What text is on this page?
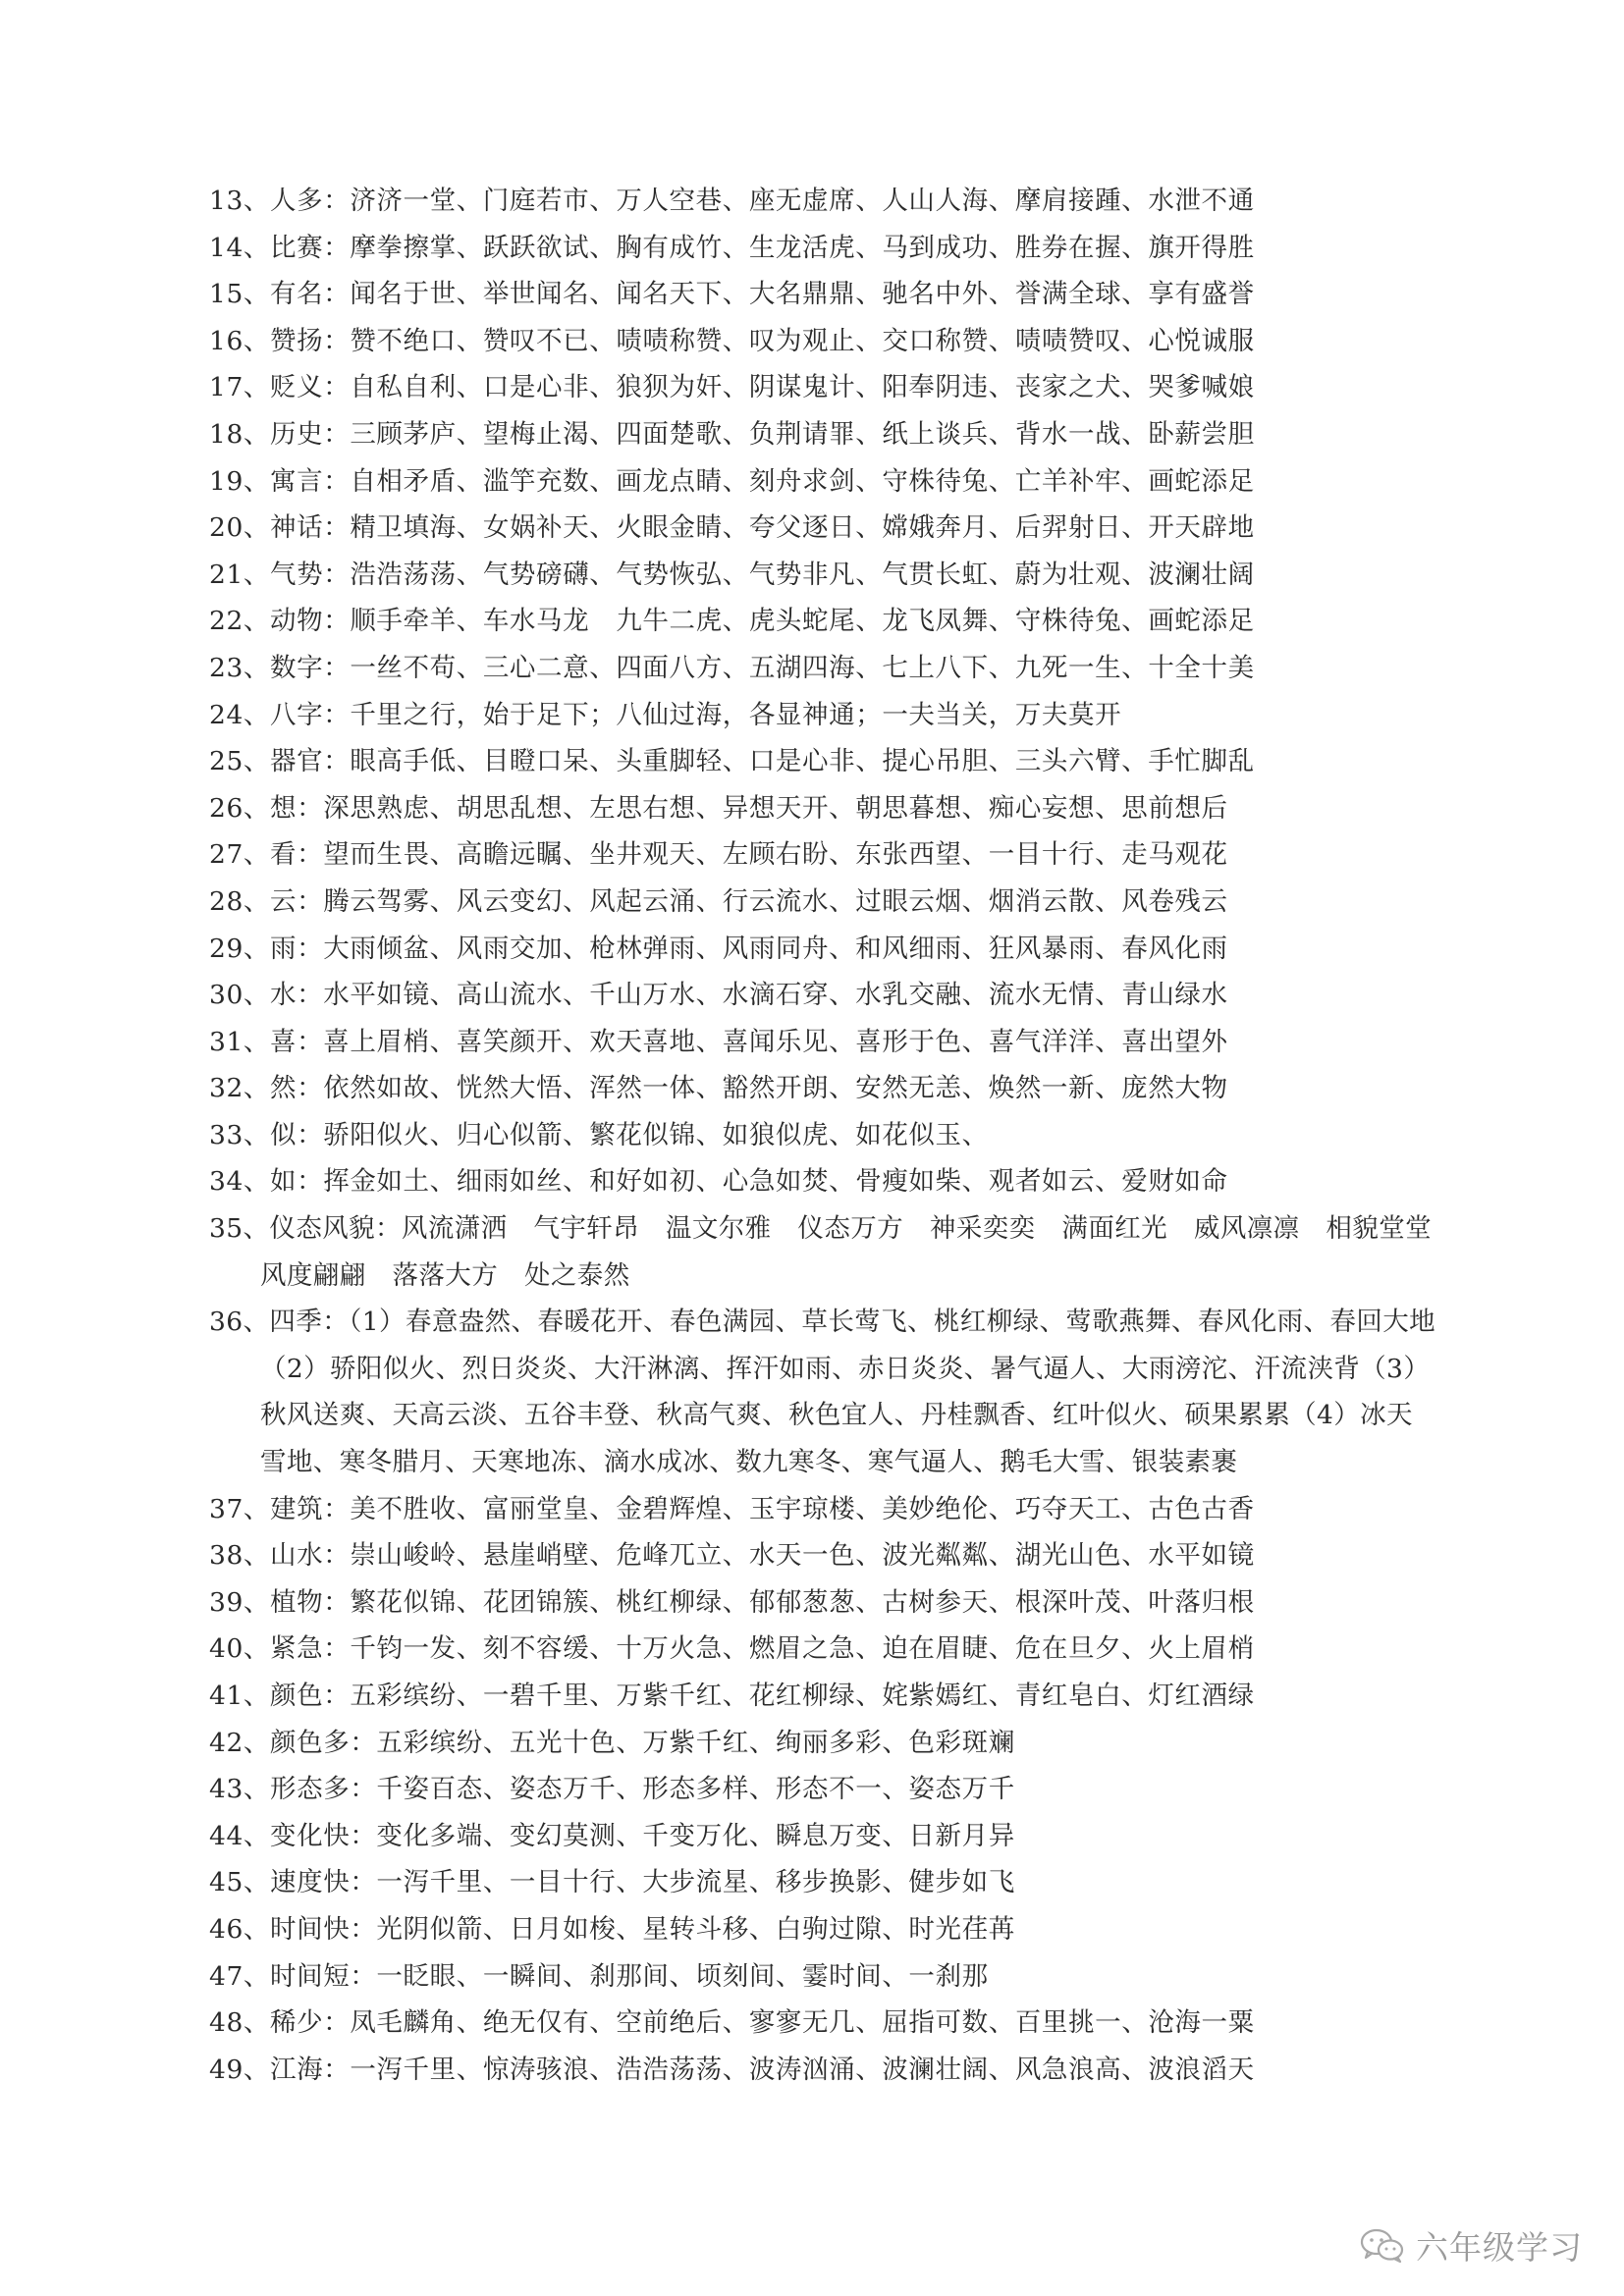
13、人多：济济一堂、门庭若市、万人空巷、座无虚席、人山人海、摩肩接踵、水泄不通
14、比赛：摩拳擦掌、跃跃欲试、胸有成竹、生龙活虎、马到成功、胜券在握、旗开得胜
15、有名：闻名于世、举世闻名、闻名天下、大名鼎鼎、驰名中外、誉满全球、享有盛誉
16、赞扬：赞不绝口、赞叹不已、啧啧称赞、叹为观止、交口称赞、啧啧赞叹、心悦诚服
17、贬义：自私自利、口是心非、狼狈为奸、阴谋鬼计、阳奉阴违、丧家之犬、哭爹喊娘
18、历史：三顾茅庐、望梅止渴、四面楚歌、负荆请罪、纸上谈兵、背水一战、卧薪尝胆
19、寓言：自相矛盾、滥竽充数、画龙点睛、刻舟求剑、守株待兔、亡羊补牢、画蛇添足
20、神话：精卫填海、女娲补天、火眼金睛、夸父逐日、嫦娥奔月、后羿射日、开天辟地
21、气势：浩浩荡荡、气势磅礴、气势恢弘、气势非凡、气贯长虹、蔚为壮观、波澜壮阔
22、动物：顺手牵羊、车水马龙　九牛二虎、虎头蛇尾、龙飞凤舞、守株待兔、画蛇添足
23、数字：一丝不苟、三心二意、四面八方、五湖四海、七上八下、九死一生、十全十美
24、八字：千里之行，始于足下；八仙过海，各显神通；一夫当关，万夫莫开
25、器官：眼高手低、目瞪口呆、头重脚轻、口是心非、提心吊胆、三头六臂、手忙脚乱
26、想：深思熟虑、胡思乱想、左思右想、异想天开、朝思暮想、痴心妄想、思前想后
27、看：望而生畏、高瞻远瞩、坐井观天、左顾右盼、东张西望、一目十行、走马观花
28、云：腾云驾雾、风云变幻、风起云涌、行云流水、过眼云烟、烟消云散、风卷残云
29、雨：大雨倾盆、风雨交加、枪林弹雨、风雨同舟、和风细雨、狂风暴雨、春风化雨
30、水：水平如镜、高山流水、千山万水、水滴石穿、水乳交融、流水无情、青山绿水
31、喜：喜上眉梢、喜笑颜开、欢天喜地、喜闻乐见、喜形于色、喜气洋洋、喜出望外
32、然：依然如故、恍然大悟、浑然一体、豁然开朗、安然无恙、焕然一新、庞然大物
33、似：骄阳似火、归心似箭、繁花似锦、如狼似虎、如花似玉、
34、如：挥金如土、细雨如丝、和好如初、心急如焚、骨瘦如柴、观者如云、爱财如命
35、仪态风貌：风流潇洒　气宇轩昂　温文尔雅　仪态万方　神采奕奕　满面红光　威风凛凛　相貌堂堂 风度翩翩　落落大方　处之泰然
36、四季：（1）春意盎然、春暖花开、春色满园、草长莺飞、桃红柳绿、莺歌燕舞、春风化雨、春回大地　（2）骄阳似火、烈日炎炎、大汗淋漓、挥汗如雨、赤日炎炎、暑气逼人、大雨滂沱、汗流浃背（3）秋风送爽、天高云淡、五谷丰登、秋高气爽、秋色宜人、丹桂飘香、红叶似火、硕果累累（4）冰天雪地、寒冬腊月、天寒地冻、滴水成冰、数九寒冬、寒气逼人、鹅毛大雪、银装素裹
37、建筑：美不胜收、富丽堂皇、金碧辉煌、玉宇琼楼、美妙绝伦、巧夺天工、古色古香
38、山水：崇山峻岭、悬崖峭壁、危峰兀立、水天一色、波光粼粼、湖光山色、水平如镜
39、植物：繁花似锦、花团锦簇、桃红柳绿、郁郁葱葱、古树参天、根深叶茂、叶落归根
40、紧急：千钧一发、刻不容缓、十万火急、燃眉之急、迫在眉睫、危在旦夕、火上眉梢
41、颜色：五彩缤纷、一碧千里、万紫千红、花红柳绿、姹紫嫣红、青红皂白、灯红酒绿
42、颜色多：五彩缤纷、五光十色、万紫千红、绚丽多彩、色彩斑斓
43、形态多：千姿百态、姿态万千、形态多样、形态不一、姿态万千
44、变化快：变化多端、变幻莫测、千变万化、瞬息万变、日新月异
45、速度快：一泻千里、一目十行、大步流星、移步换影、健步如飞
46、时间快：光阴似箭、日月如梭、星转斗移、白驹过隙、时光荏苒
47、时间短：一眨眼、一瞬间、刹那间、顷刻间、霎时间、一刹那
48、稀少：凤毛麟角、绝无仅有、空前绝后、寥寥无几、屈指可数、百里挑一、沧海一粟
49、江海：一泻千里、惊涛骇浪、浩浩荡荡、波涛汹涌、波澜壮阔、风急浪高、波浪滔天
六年级学习
